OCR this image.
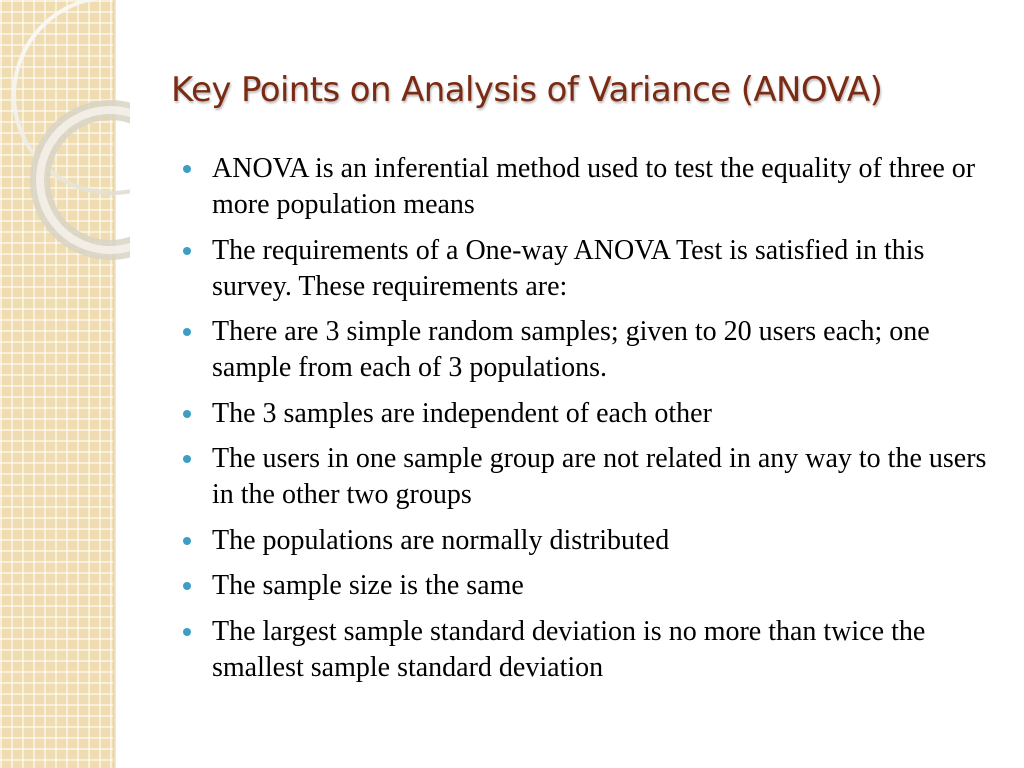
Key Points on Analysis of Variance (ANOVA)
ANOVA is an inferential method used to test the equality of three or more population means
The requirements of a One-way ANOVA Test is satisfied in this survey. These requirements are:
There are 3 simple random samples; given to 20 users each; one sample from each of 3 populations.
The 3 samples are independent of each other
The users in one sample group are not related in any way to the users in the other two groups
The populations are normally distributed
The sample size is the same
The largest sample standard deviation is no more than twice the smallest sample standard deviation
